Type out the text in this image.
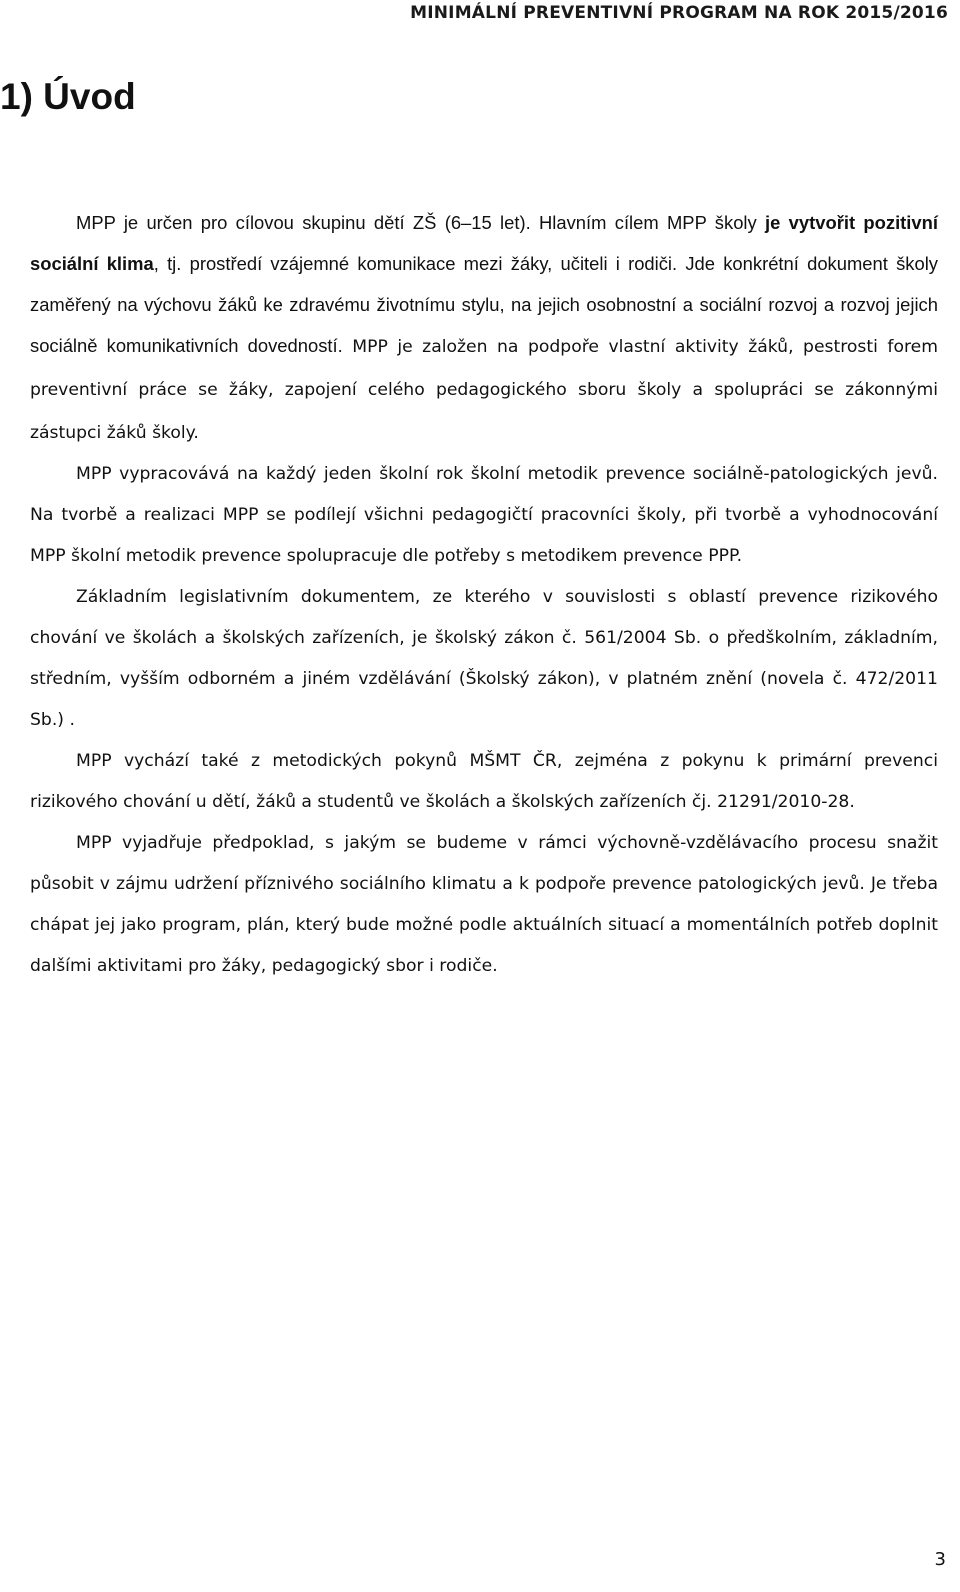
MINIMÁLNÍ PREVENTIVNÍ PROGRAM NA ROK 2015/2016
1) Úvod

MPP je určen pro cílovou skupinu dětí ZŠ (6–15 let). Hlavním cílem MPP školy je vytvořit pozitivní sociální klima, tj. prostředí vzájemné komunikace mezi žáky, učiteli i rodiči. Jde konkrétní dokument školy zaměřený na výchovu žáků ke zdravému životnímu stylu, na jejich osobnostní a sociální rozvoj a rozvoj jejich sociálně komunikativních dovedností. MPP je založen na podpoře vlastní aktivity žáků, pestrosti forem preventivní práce se žáky, zapojení celého pedagogického sboru školy a spolupráci se zákonnými zástupci žáků školy.

MPP vypracovává na každý jeden školní rok školní metodik prevence sociálně-patologických jevů. Na tvorbě a realizaci MPP se podílejí všichni pedagogičtí pracovníci školy, při tvorbě a vyhodnocování MPP školní metodik prevence spolupracuje dle potřeby s metodikem prevence PPP.

Základním legislativním dokumentem, ze kterého v souvislosti s oblastí prevence rizikového chování ve školách a školských zařízeních, je školský zákon č. 561/2004 Sb. o předškolním, základním, středním, vyšším odborném a jiném vzdělávání (Školský zákon), v platném znění (novela č. 472/2011 Sb.) .

MPP vychází také z metodických pokynů MŠMT ČR, zejména z pokynu k primární prevenci rizikového chování u dětí, žáků a studentů ve školách a školských zařízeních čj. 21291/2010-28.

MPP vyjadřuje předpoklad, s jakým se budeme v rámci výchovně-vzdělávacího procesu snažit působit v zájmu udržení příznivého sociálního klimatu a k podpoře prevence patologických jevů. Je třeba chápat jej jako program, plán, který bude možné podle aktuálních situací a momentálních potřeb doplnit dalšími aktivitami pro žáky, pedagogický sbor i rodiče.

3
